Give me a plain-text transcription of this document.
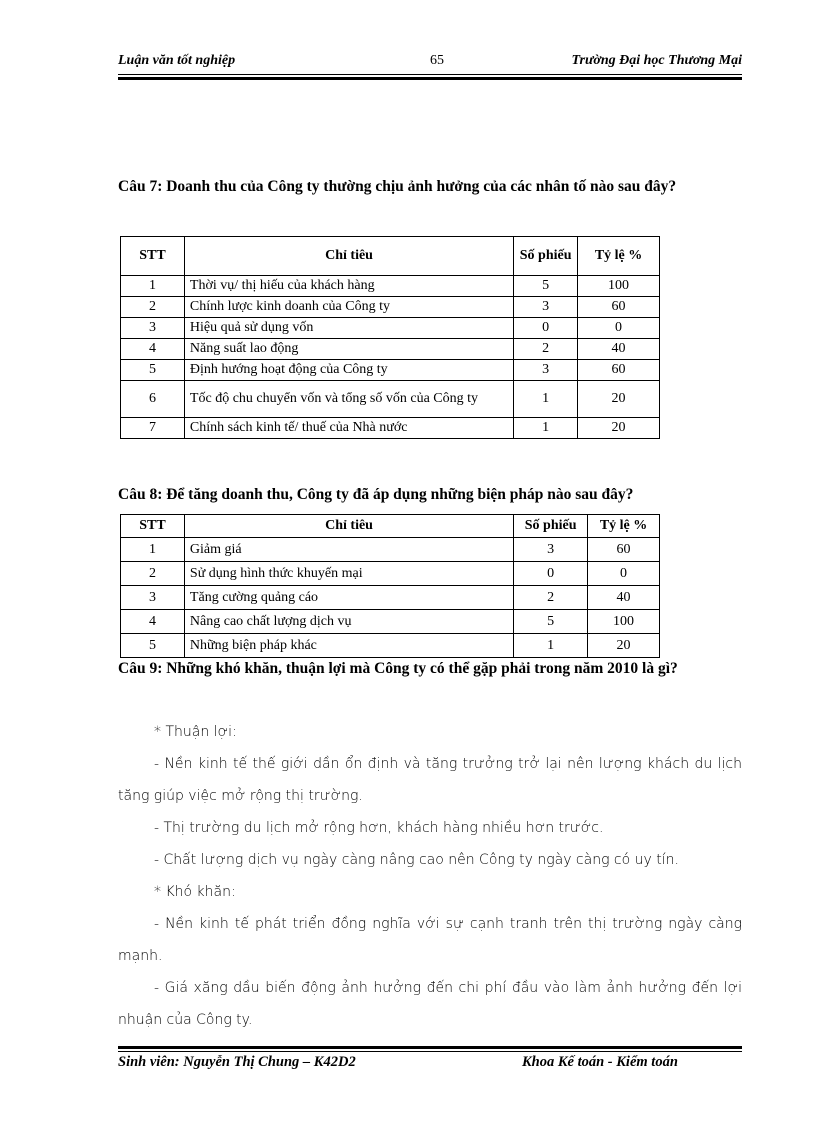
Luận văn tốt nghiệp	65	Trường Đại học Thương Mại
Câu 7: Doanh thu của Công ty thường chịu ảnh hưởng của các nhân tố nào sau đây?
STT	Chỉ tiêu	Số phiếu	Tỷ lệ %
1	Thời vụ/ thị hiếu của khách hàng	5	100
2	Chính lược kinh doanh của Công ty	3	60
3	Hiệu quả sử dụng vốn	0	0
4	Năng suất lao động	2	40
5	Định hướng hoạt động của Công ty	3	60
6	Tốc độ chu chuyển vốn và tổng số vốn của Công ty	1	20
7	Chính sách kinh tế/ thuế của Nhà nước	1	20
Câu 8: Để tăng doanh thu, Công ty đã áp dụng những biện pháp nào sau đây?
STT	Chỉ tiêu	Số phiếu	Tỷ lệ %
1	Giảm giá	3	60
2	Sử dụng hình thức khuyến mại	0	0
3	Tăng cường quảng cáo	2	40
4	Nâng cao chất lượng dịch vụ	5	100
5	Những biện pháp khác	1	20
Câu 9: Những khó khăn, thuận lợi mà Công ty có thể gặp phải trong năm 2010 là gì?

* Thuận lợi:

- Nền kinh tế thế giới dần ổn định và tăng trưởng trở lại nên lượng khách du lịch tăng giúp việc mở rộng thị trường.

- Thị trường du lịch mở rộng hơn, khách hàng nhiều hơn trước.

- Chất lượng dịch vụ ngày càng nâng cao nên Công ty ngày càng có uy tín.

* Khó khăn:

- Nền kinh tế phát triển đồng nghĩa với sự cạnh tranh trên thị trường ngày càng mạnh.

- Giá xăng dầu biến động ảnh hưởng đến chi phí đầu vào làm ảnh hưởng đến lợi nhuận của Công ty.

Sinh viên: Nguyễn Thị Chung – K42D2	Khoa Kế toán - Kiểm toán
